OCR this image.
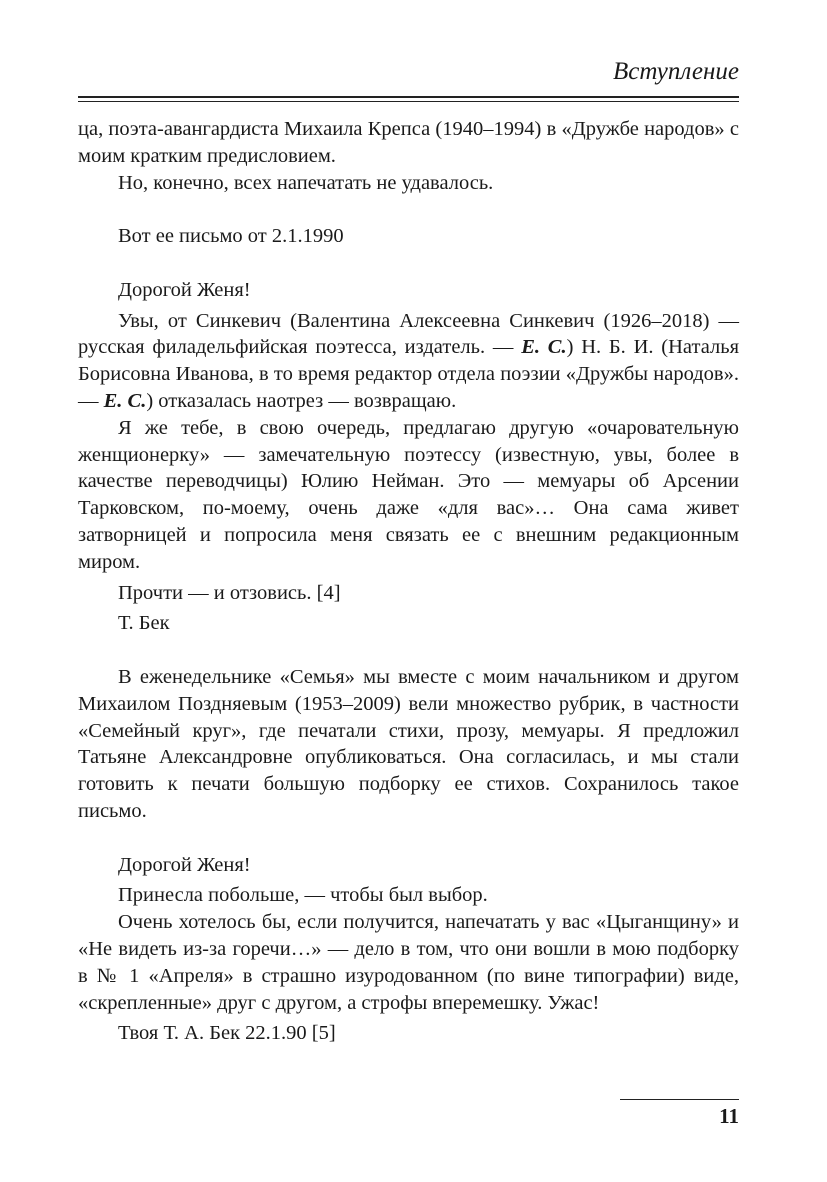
Вступление

ца, поэта-авангардиста Михаила Крепса (1940–1994) в «Дружбе народов» с моим кратким предисловием.

Но, конечно, всех напечатать не удавалось.

Вот ее письмо от 2.1.1990

Дорогой Женя!

Увы, от Синкевич (Валентина Алексеевна Синкевич (1926–2018) — русская филадельфийская поэтесса, издатель. — Е. С.) Н. Б. И. (Наталья Борисовна Иванова, в то время редактор отдела поэзии «Дружбы народов». — Е. С.) отказалась наотрез — возвращаю.

Я же тебе, в свою очередь, предлагаю другую «очаровательную женщионерку» — замечательную поэтессу (известную, увы, более в качестве переводчицы) Юлию Нейман. Это — мемуары об Арсении Тарковском, по-моему, очень даже «для вас»… Она сама живет затворницей и попросила меня связать ее с внешним редакционным миром.

Прочти — и отзовись. [4]

Т. Бек

В еженедельнике «Семья» мы вместе с моим начальником и другом Михаилом Поздняевым (1953–2009) вели множество рубрик, в частности «Семейный круг», где печатали стихи, прозу, мемуары. Я предложил Татьяне Александровне опубликоваться. Она согласилась, и мы стали готовить к печати большую подборку ее стихов. Сохранилось такое письмо.

Дорогой Женя!

Принесла побольше, — чтобы был выбор.

Очень хотелось бы, если получится, напечатать у вас «Цыганщину» и «Не видеть из-за горечи…» — дело в том, что они вошли в мою подборку в № 1 «Апреля» в страшно изуродованном (по вине типографии) виде, «скрепленные» друг с другом, а строфы вперемешку. Ужас!

Твоя Т. А. Бек 22.1.90 [5]

11
